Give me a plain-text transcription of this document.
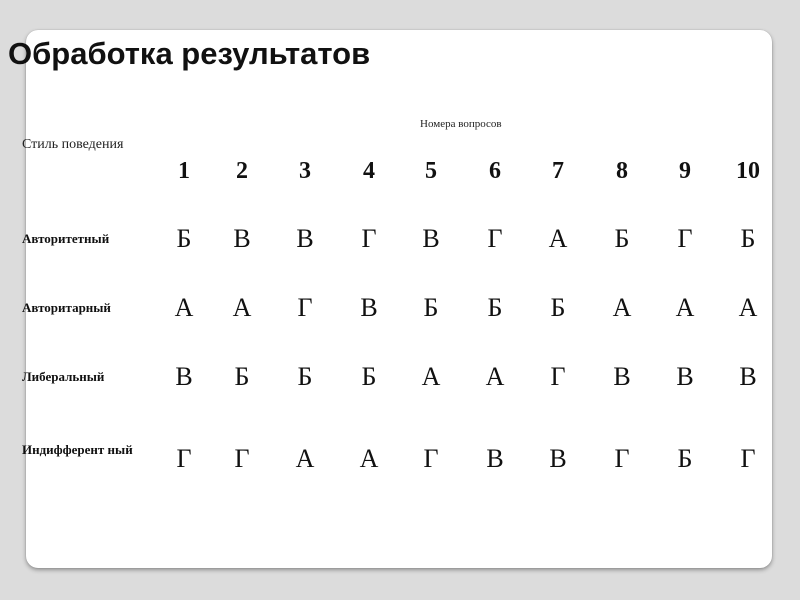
Обработка результатов
Номера вопросов
Стиль поведения
1	2	3	4	5	6	7	8	9	10
Авторитетный	Б	В	В	Г	В	Г	А	Б	Г	Б
Авторитарный	А	А	Г	В	Б	Б	Б	А	А	А
Либеральный	В	Б	Б	Б	А	А	Г	В	В	В
Индифферент ный	Г	Г	А	А	Г	В	В	Г	Б	Г
